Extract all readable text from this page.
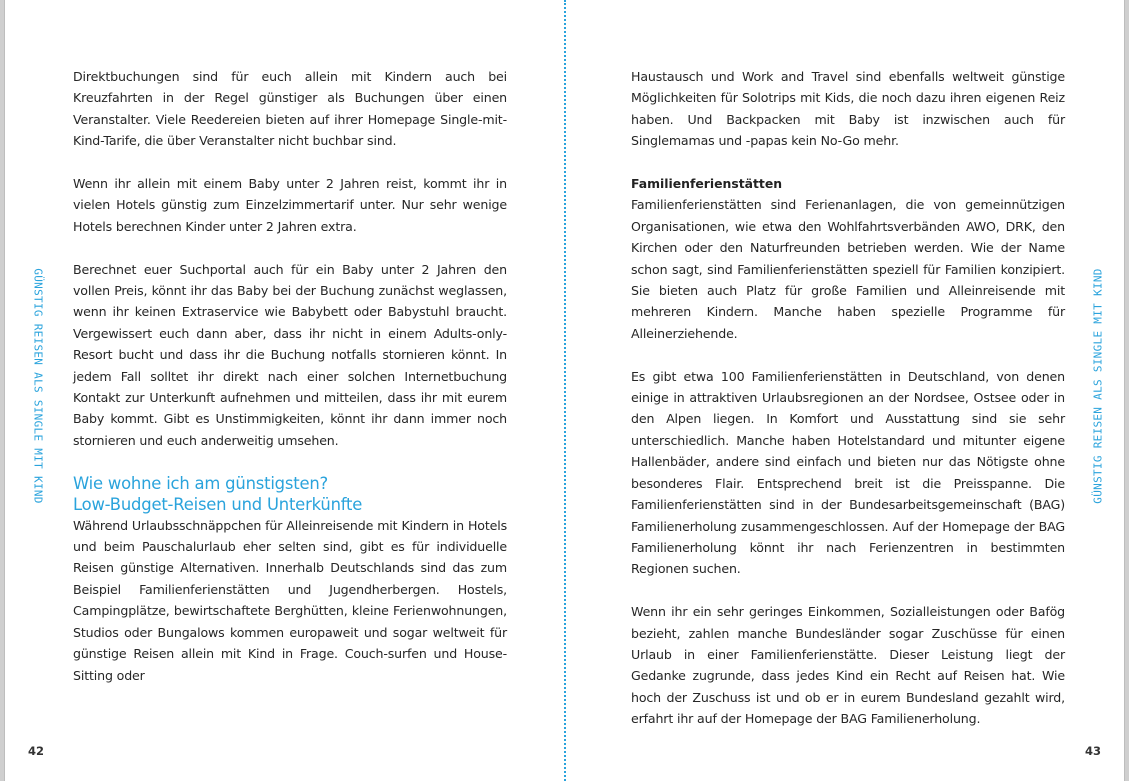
GÜNSTIG REISEN ALS SINGLE MIT KIND

Direktbuchungen sind für euch allein mit Kindern auch bei Kreuzfahrten in der Regel günstiger als Buchungen über einen Veranstalter. Viele Reedereien bieten auf ihrer Homepage Single-mit-Kind-Tarife, die über Veranstalter nicht buchbar sind.

Wenn ihr allein mit einem Baby unter 2 Jahren reist, kommt ihr in vielen Hotels günstig zum Einzelzimmertarif unter. Nur sehr wenige Hotels berechnen Kinder unter 2 Jahren extra.

Berechnet euer Suchportal auch für ein Baby unter 2 Jahren den vollen Preis, könnt ihr das Baby bei der Buchung zunächst weglassen, wenn ihr keinen Extraservice wie Babybett oder Babystuhl braucht. Vergewissert euch dann aber, dass ihr nicht in einem Adults-only-Resort bucht und dass ihr die Buchung notfalls stornieren könnt. In jedem Fall solltet ihr direkt nach einer solchen Internetbuchung Kontakt zur Unterkunft aufnehmen und mitteilen, dass ihr mit eurem Baby kommt. Gibt es Unstimmigkeiten, könnt ihr dann immer noch stornieren und euch anderweitig umsehen.

Wie wohne ich am günstigsten?
Low-Budget-Reisen und Unterkünfte

Während Urlaubsschnäppchen für Alleinreisende mit Kindern in Hotels und beim Pauschalurlaub eher selten sind, gibt es für individuelle Reisen günstige Alternativen. Innerhalb Deutschlands sind das zum Beispiel Familienferienstätten und Jugendherbergen. Hostels, Campingplätze, bewirtschaftete Berghütten, kleine Ferienwohnungen, Studios oder Bungalows kommen europaweit und sogar weltweit für günstige Reisen allein mit Kind in Frage. Couch-surfen und House-Sitting oder

42
GÜNSTIG REISEN ALS SINGLE MIT KIND

Haustausch und Work and Travel sind ebenfalls weltweit günstige Möglichkeiten für Solotrips mit Kids, die noch dazu ihren eigenen Reiz haben. Und Backpacken mit Baby ist inzwischen auch für Singlemamas und -papas kein No-Go mehr.

Familienferienstätten

Familienferienstätten sind Ferienanlagen, die von gemeinnützigen Organisationen, wie etwa den Wohlfahrtsverbänden AWO, DRK, den Kirchen oder den Naturfreunden betrieben werden. Wie der Name schon sagt, sind Familienferienstätten speziell für Familien konzipiert. Sie bieten auch Platz für große Familien und Alleinreisende mit mehreren Kindern. Manche haben spezielle Programme für Alleinerziehende.

Es gibt etwa 100 Familienferienstätten in Deutschland, von denen einige in attraktiven Urlaubsregionen an der Nordsee, Ostsee oder in den Alpen liegen. In Komfort und Ausstattung sind sie sehr unterschiedlich. Manche haben Hotelstandard und mitunter eigene Hallenbäder, andere sind einfach und bieten nur das Nötigste ohne besonderes Flair. Entsprechend breit ist die Preisspanne. Die Familienferienstätten sind in der Bundesarbeitsgemeinschaft (BAG) Familienerholung zusammengeschlossen. Auf der Homepage der BAG Familienerholung könnt ihr nach Ferienzentren in bestimmten Regionen suchen.

Wenn ihr ein sehr geringes Einkommen, Sozialleistungen oder Bafög bezieht, zahlen manche Bundesländer sogar Zuschüsse für einen Urlaub in einer Familienferienstätte. Dieser Leistung liegt der Gedanke zugrunde, dass jedes Kind ein Recht auf Reisen hat. Wie hoch der Zuschuss ist und ob er in eurem Bundesland gezahlt wird, erfahrt ihr auf der Homepage der BAG Familienerholung.

43
